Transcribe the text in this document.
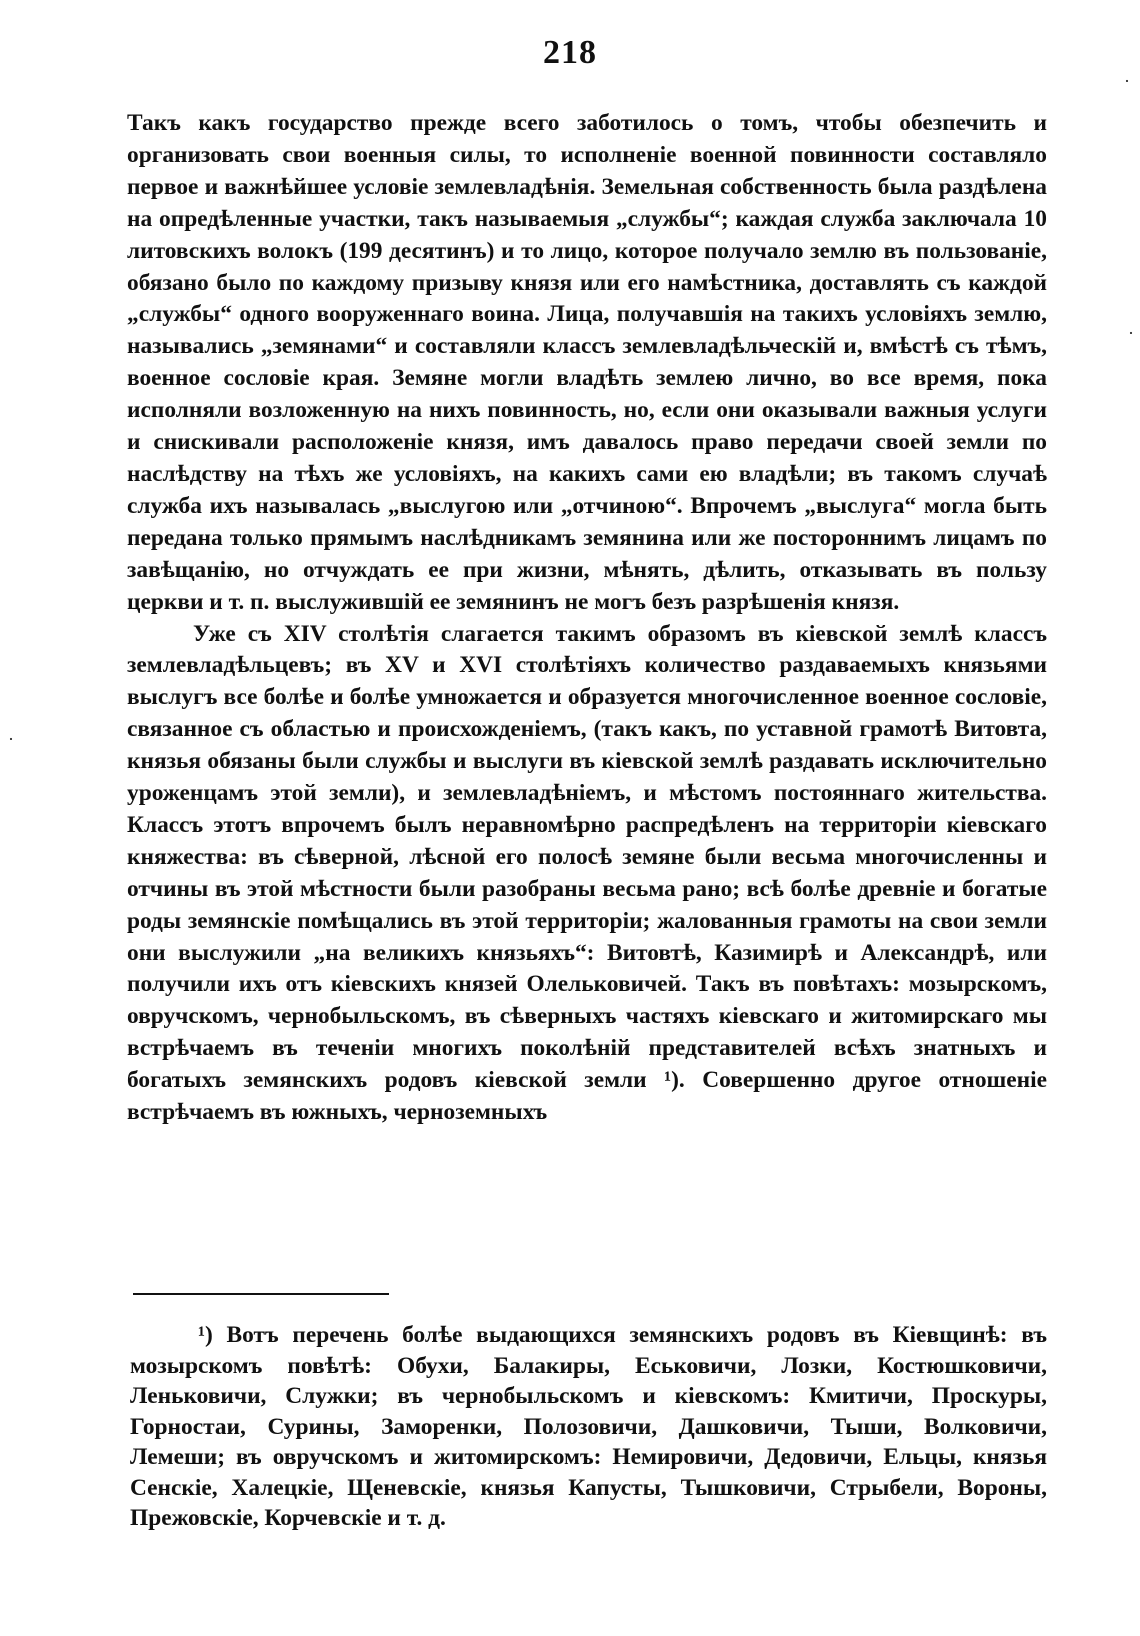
218

Такъ какъ государство прежде всего заботилось о томъ, чтобы обезпечить и организовать свои военныя силы, то исполненіе военной повинности составляло первое и важнѣйшее условіе землевладѣнія. Земельная собственность была раздѣлена на опредѣленные участки, такъ называемыя „службы“; каждая служба заключала 10 литовскихъ волокъ (199 десятинъ) и то лицо, которое получало землю въ пользованіе, обязано было по каждому призыву князя или его намѣстника, доставлять съ каждой „службы“ одного вооруженнаго воина. Лица, получавшія на такихъ условіяхъ землю, назывались „земянами“ и составляли классъ землевладѣльческій и, вмѣстѣ съ тѣмъ, военное сословіе края. Земяне могли владѣть землею лично, во все время, пока исполняли возложенную на нихъ повинность, но, если они оказывали важныя услуги и снискивали расположеніе князя, имъ давалось право передачи своей земли по наслѣдству на тѣхъ же условіяхъ, на какихъ сами ею владѣли; въ такомъ случаѣ служба ихъ называлась „выслугою или „отчиною“. Впрочемъ „выслуга“ могла быть передана только прямымъ наслѣдникамъ земянина или же постороннимъ лицамъ по завѣщанію, но отчуждать ее при жизни, мѣнять, дѣлить, отказывать въ пользу церкви и т. п. выслужившій ее земянинъ не могъ безъ разрѣшенія князя.

Уже съ XIV столѣтія слагается такимъ образомъ въ кіевской землѣ классъ землевладѣльцевъ; въ XV и XVI столѣтіяхъ количество раздаваемыхъ князьями выслугъ все болѣе и болѣе умножается и образуется многочисленное военное сословіе, связанное съ областью и происхожденіемъ, (такъ какъ, по уставной грамотѣ Витовта, князья обязаны были службы и выслуги въ кіевской землѣ раздавать исключительно уроженцамъ этой земли), и землевладѣніемъ, и мѣстомъ постояннаго жительства. Классъ этотъ впрочемъ былъ неравномѣрно распредѣленъ на территоріи кіевскаго княжества: въ сѣверной, лѣсной его полосѣ земяне были весьма многочисленны и отчины въ этой мѣстности были разобраны весьма рано; всѣ болѣе древніе и богатые роды земянскіе помѣщались въ этой территоріи; жалованныя грамоты на свои земли они выслужили „на великихъ князьяхъ“: Витовтѣ, Казимирѣ и Александрѣ, или получили ихъ отъ кіевскихъ князей Олельковичей. Такъ въ повѣтахъ: мозырскомъ, овручскомъ, чернобыльскомъ, въ сѣверныхъ частяхъ кіевскаго и житомирскаго мы встрѣчаемъ въ теченіи многихъ поколѣній представителей всѣхъ знатныхъ и богатыхъ земянскихъ родовъ кіевской земли ¹). Совершенно другое отношеніе встрѣчаемъ въ южныхъ, черноземныхъ

¹) Вотъ перечень болѣе выдающихся земянскихъ родовъ въ Кіевщинѣ: въ мозырскомъ повѣтѣ: Обухи, Балакиры, Еськовичи, Лозки, Костюшковичи, Леньковичи, Служки; въ чернобыльскомъ и кіевскомъ: Кмитичи, Проскуры, Горностаи, Сурины, Заморенки, Полозовичи, Дашковичи, Тыши, Волковичи, Лемеши; въ овручскомъ и житомирскомъ: Немировичи, Дедовичи, Ельцы, князья Сенскіе, Халецкіе, Щеневскіе, князья Капусты, Тышковичи, Стрыбели, Вороны, Прежовскіе, Корчевскіе и т. д.

·
·
·
